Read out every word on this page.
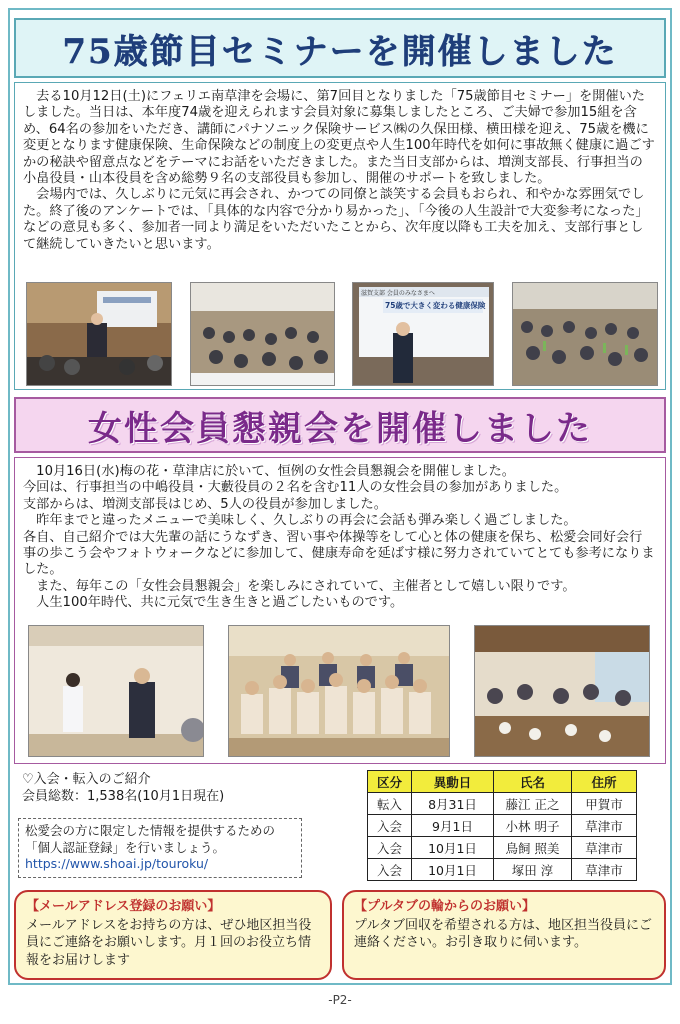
75歳節目セミナーを開催しました

　去る10月12日(土)にフェリエ南草津を会場に、第7回目となりました「75歳節目セミナー」を開催いたしました。当日は、本年度74歳を迎えられます会員対象に募集しましたところ、ご夫婦で参加15組を含め、64名の参加をいただき、講師にパナソニック保険サービス㈱の久保田様、横田様を迎え、75歳を機に変更となります健康保険、生命保険などの制度上の変更点や人生100年時代を如何に事故無く健康に過ごすかの秘訣や留意点などをテーマにお話をいただきました。また当日支部からは、増渕支部長、行事担当の小畠役員・山本役員を含め総勢９名の支部役員も参加し、開催のサポートを致しました。

　会場内では、久しぶりに元気に再会され、かつての同僚と談笑する会員もおられ、和やかな雰囲気でした。終了後のアンケートでは、「具体的な内容で分かり易かった」、「今後の人生設計で大変参考になった」などの意見も多く、参加者一同より満足をいただいたことから、次年度以降も工夫を加え、支部行事として継続していきたいと思います。

滋賀支部 会員のみなさまへ
75歳で大きく変わる健康保険
女性会員懇親会を開催しました

　10月16日(水)梅の花・草津店に於いて、恒例の女性会員懇親会を開催しました。

今回は、行事担当の中嶋役員・大藪役員の２名を含む11人の女性会員の参加がありました。

支部からは、増渕支部長はじめ、5人の役員が参加しました。

　昨年までと違ったメニューで美味しく、久しぶりの再会に会話も弾み楽しく過ごしました。

各自、自己紹介では大先輩の話にうなずき、習い事や体操等をして心と体の健康を保ち、松愛会同好会行事の歩こう会やフォトウォークなどに参加して、健康寿命を延ばす様に努力されていてとても参考になりました。

　また、毎年この「女性会員懇親会」を楽しみにされていて、主催者として嬉しい限りです。

　人生100年時代、共に元気で生き生きと過ごしたいものです。

♡入会・転入のご紹介
会員総数：1,538名(10月1日現在)
松愛会の方に限定した情報を提供するための「個人認証登録」を行いましょう。
https://www.shoai.jp/touroku/
区分	異動日	氏名	住所
転入	8月31日	藤江 正之	甲賀市
入会	9月1日	小林 明子	草津市
入会	10月1日	鳥飼 照美	草津市
入会	10月1日	塚田 淳	草津市
【メールアドレス登録のお願い】
メールアドレスをお持ちの方は、ぜひ地区担当役員にご連絡をお願いします。月１回のお役立ち情報をお届けします
【プルタブの輪からのお願い】
プルタブ回収を希望される方は、地区担当役員にご連絡ください。お引き取りに伺います。
-P2-
